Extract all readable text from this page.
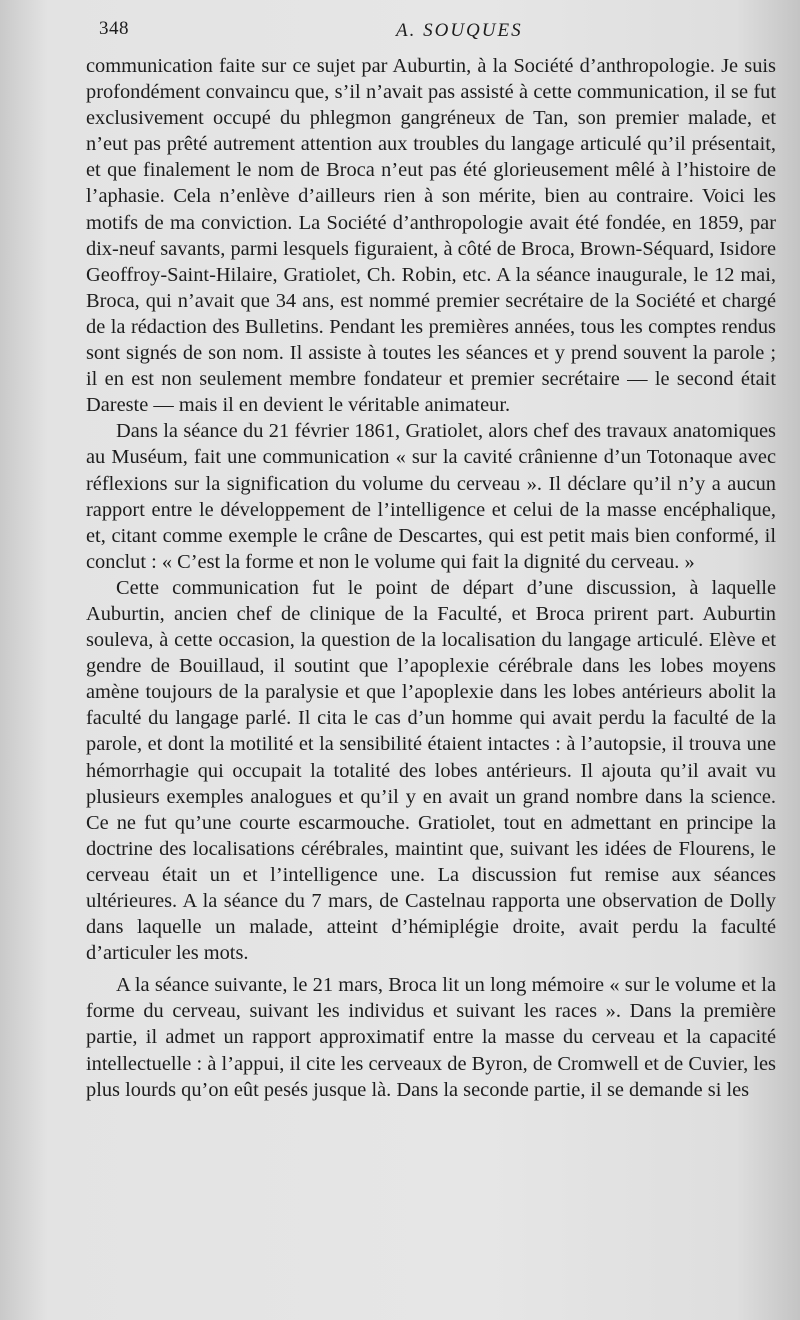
348	A. SOUQUES

communication faite sur ce sujet par Auburtin, à la Société d’anthropologie. Je suis profondément convaincu que, s’il n’avait pas assisté à cette communication, il se fut exclusivement occupé du phlegmon gangréneux de Tan, son premier malade, et n’eut pas prêté autrement attention aux troubles du langage articulé qu’il présentait, et que finalement le nom de Broca n’eut pas été glorieusement mêlé à l’histoire de l’aphasie. Cela n’enlève d’ailleurs rien à son mérite, bien au contraire. Voici les motifs de ma conviction. La Société d’anthropologie avait été fondée, en 1859, par dix-neuf savants, parmi lesquels figuraient, à côté de Broca, Brown-Séquard, Isidore Geoffroy-Saint-Hilaire, Gratiolet, Ch. Robin, etc. A la séance inaugurale, le 12 mai, Broca, qui n’avait que 34 ans, est nommé premier secrétaire de la Société et chargé de la rédaction des Bulletins. Pendant les premières années, tous les comptes rendus sont signés de son nom. Il assiste à toutes les séances et y prend souvent la parole ; il en est non seulement membre fondateur et premier secrétaire — le second était Dareste — mais il en devient le véritable animateur.

Dans la séance du 21 février 1861, Gratiolet, alors chef des travaux anatomiques au Muséum, fait une communication « sur la cavité crânienne d’un Totonaque avec réflexions sur la signification du volume du cerveau ». Il déclare qu’il n’y a aucun rapport entre le développement de l’intelligence et celui de la masse encéphalique, et, citant comme exemple le crâne de Descartes, qui est petit mais bien conformé, il conclut : « C’est la forme et non le volume qui fait la dignité du cerveau. »

Cette communication fut le point de départ d’une discussion, à laquelle Auburtin, ancien chef de clinique de la Faculté, et Broca prirent part. Auburtin souleva, à cette occasion, la question de la localisation du langage articulé. Elève et gendre de Bouillaud, il soutint que l’apoplexie cérébrale dans les lobes moyens amène toujours de la paralysie et que l’apoplexie dans les lobes antérieurs abolit la faculté du langage parlé. Il cita le cas d’un homme qui avait perdu la faculté de la parole, et dont la motilité et la sensibilité étaient intactes : à l’autopsie, il trouva une hémorrhagie qui occupait la totalité des lobes antérieurs. Il ajouta qu’il avait vu plusieurs exemples analogues et qu’il y en avait un grand nombre dans la science. Ce ne fut qu’une courte escarmouche. Gratiolet, tout en admettant en principe la doctrine des localisations cérébrales, maintint que, suivant les idées de Flourens, le cerveau était un et l’intelligence une. La discussion fut remise aux séances ultérieures. A la séance du 7 mars, de Castelnau rapporta une observation de Dolly dans laquelle un malade, atteint d’hémiplégie droite, avait perdu la faculté d’articuler les mots.

A la séance suivante, le 21 mars, Broca lit un long mémoire « sur le volume et la forme du cerveau, suivant les individus et suivant les races ». Dans la première partie, il admet un rapport approximatif entre la masse du cerveau et la capacité intellectuelle : à l’appui, il cite les cerveaux de Byron, de Cromwell et de Cuvier, les plus lourds qu’on eût pesés jusque là. Dans la seconde partie, il se demande si les
